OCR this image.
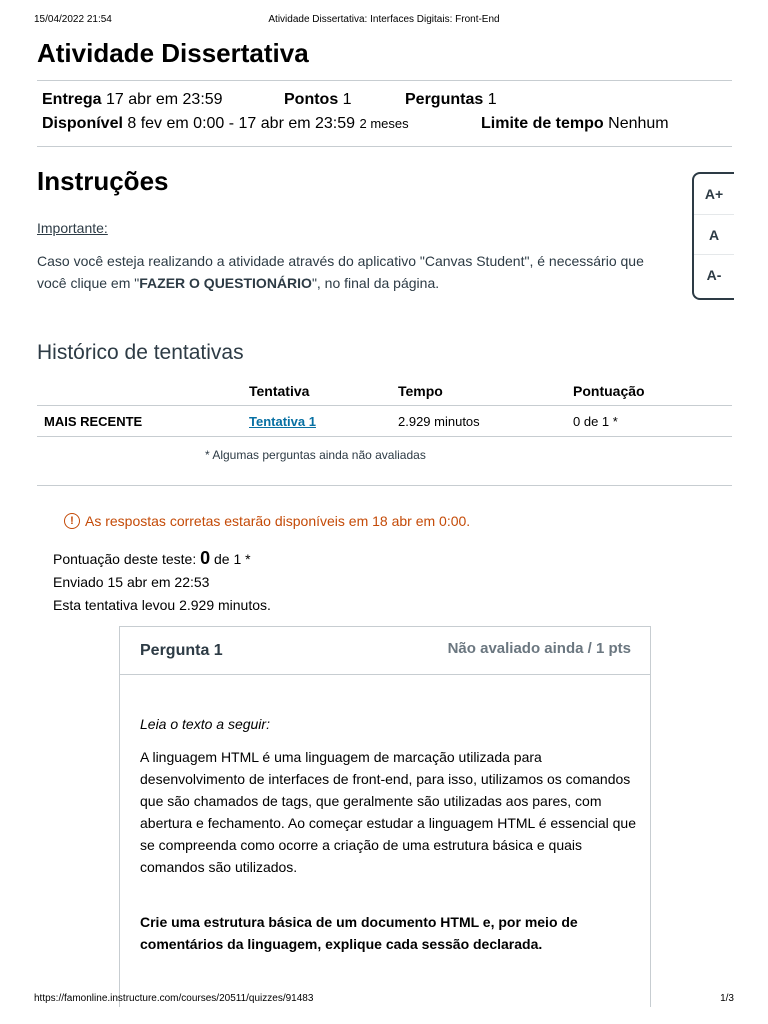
15/04/2022 21:54	Atividade Dissertativa: Interfaces Digitais: Front-End
Atividade Dissertativa
Entrega 17 abr em 23:59	Pontos 1	Perguntas 1
Disponível 8 fev em 0:00 - 17 abr em 23:59 2 meses	Limite de tempo Nenhum
Instruções
Importante:
Caso você esteja realizando a atividade através do aplicativo "Canvas Student", é necessário que
você clique em "FAZER O QUESTIONÁRIO", no final da página.
A+
A
A-
Histórico de tentativas
	Tentativa	Tempo	Pontuação
MAIS RECENTE	Tentativa 1	2.929 minutos	0 de 1 *
* Algumas perguntas ainda não avaliadas
! As respostas corretas estarão disponíveis em 18 abr em 0:00.
Pontuação deste teste: 0 de 1 *
Enviado 15 abr em 22:53
Esta tentativa levou 2.929 minutos.
Pergunta 1	Não avaliado ainda / 1 pts

Leia o texto a seguir:

A linguagem HTML é uma linguagem de marcação utilizada para desenvolvimento de interfaces de front-end, para isso, utilizamos os comandos que são chamados de tags, que geralmente são utilizadas aos pares, com abertura e fechamento. Ao começar estudar a linguagem HTML é essencial que se compreenda como ocorre a criação de uma estrutura básica e quais comandos são utilizados.

Crie uma estrutura básica de um documento HTML e, por meio de comentários da linguagem, explique cada sessão declarada.

https://famonline.instructure.com/courses/20511/quizzes/91483	1/3
